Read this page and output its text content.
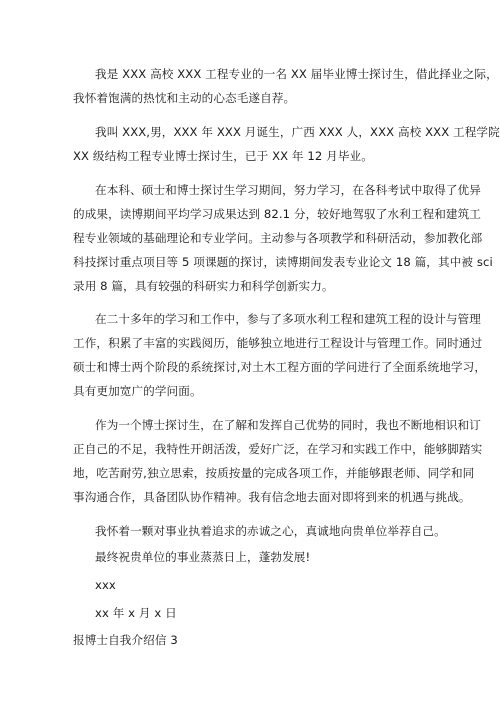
我是 XXX 高校 XXX 工程专业的一名 XX 届毕业博士探讨生，借此择业之际，
我怀着饱满的热忱和主动的心态毛遂自荐。
我叫 XXX,男，XXX 年 XXX 月诞生，广西 XXX 人，XXX 高校 XXX 工程学院
XX 级结构工程专业博士探讨生，已于 XX 年 12 月毕业。
在本科、硕士和博士探讨生学习期间，努力学习，在各科考试中取得了优异
的成果，读博期间平均学习成果达到 82.1 分，较好地驾驭了水利工程和建筑工
程专业领域的基础理论和专业学问。主动参与各项教学和科研活动，参加教化部
科技探讨重点项目等 5 项课题的探讨，读博期间发表专业论文 18 篇，其中被 sci
录用 8 篇，具有较强的科研实力和科学创新实力。
在二十多年的学习和工作中，参与了多项水利工程和建筑工程的设计与管理
工作，积累了丰富的实践阅历，能够独立地进行工程设计与管理工作。同时通过
硕士和博士两个阶段的系统探讨,对土木工程方面的学问进行了全面系统地学习，
具有更加宽广的学问面。
作为一个博士探讨生，在了解和发挥自己优势的同时，我也不断地相识和订
正自己的不足，我特性开朗活泼，爱好广泛，在学习和实践工作中，能够脚踏实
地，吃苦耐劳,独立思索，按质按量的完成各项工作，并能够跟老师、同学和同
事沟通合作，具备团队协作精神。我有信念地去面对即将到来的机遇与挑战。
我怀着一颗对事业执着追求的赤诚之心，真诚地向贵单位举荐自己。
最终祝贵单位的事业蒸蒸日上，蓬勃发展!
xxx
xx 年 x 月 x 日
报博士自我介绍信 3
